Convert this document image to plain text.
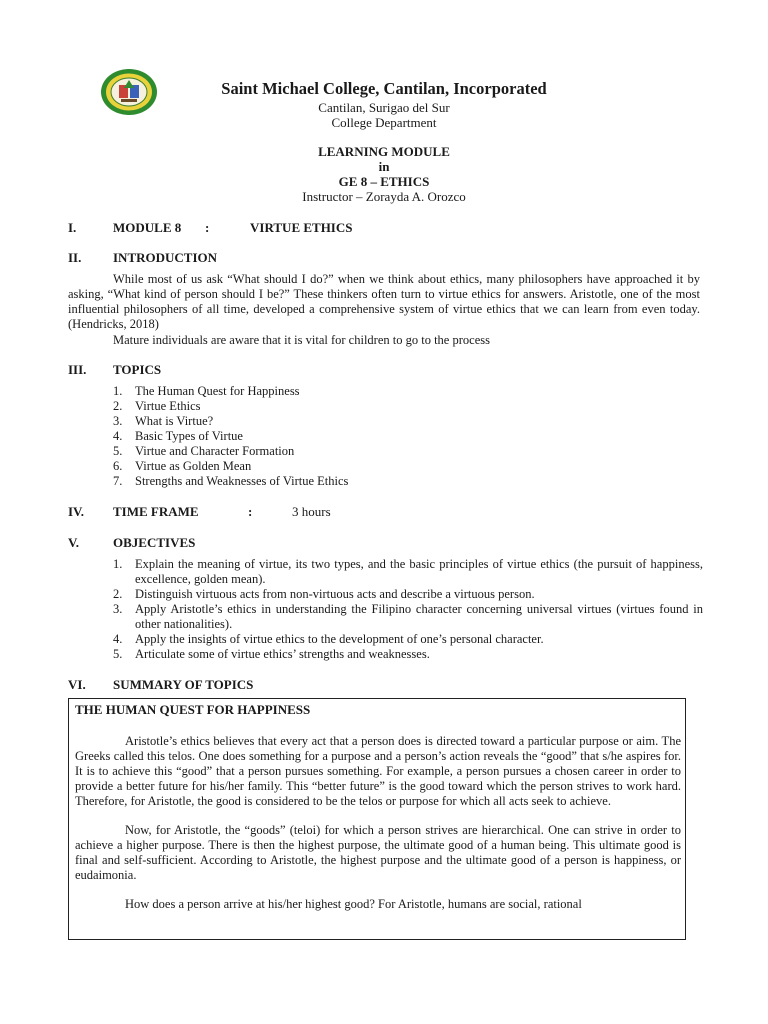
Saint Michael College, Cantilan, Incorporated
Cantilan, Surigao del Sur
College Department
LEARNING MODULE
in
GE 8 – ETHICS
Instructor – Zorayda A. Orozco
I.	MODULE 8 :	VIRTUE ETHICS
II. INTRODUCTION
While most of us ask “What should I do?” when we think about ethics, many philosophers have approached it by asking, “What kind of person should I be?” These thinkers often turn to virtue ethics for answers. Aristotle, one of the most influential philosophers of all time, developed a comprehensive system of virtue ethics that we can learn from even today. (Hendricks, 2018)
Mature individuals are aware that it is vital for children to go to the process
III. TOPICS
1. The Human Quest for Happiness
2. Virtue Ethics
3. What is Virtue?
4. Basic Types of Virtue
5. Virtue and Character Formation
6. Virtue as Golden Mean
7. Strengths and Weaknesses of Virtue Ethics
IV. TIME FRAME	:	3 hours
V.	OBJECTIVES
1. Explain the meaning of virtue, its two types, and the basic principles of virtue ethics (the pursuit of happiness, excellence, golden mean).
2. Distinguish virtuous acts from non-virtuous acts and describe a virtuous person.
3. Apply Aristotle’s ethics in understanding the Filipino character concerning universal virtues (virtues found in other nationalities).
4. Apply the insights of virtue ethics to the development of one’s personal character.
5. Articulate some of virtue ethics’ strengths and weaknesses.
VI. SUMMARY OF TOPICS
THE HUMAN QUEST FOR HAPPINESS

Aristotle’s ethics believes that every act that a person does is directed toward a particular purpose or aim. The Greeks called this telos. One does something for a purpose and a person’s action reveals the “good” that s/he aspires for. It is to achieve this “good” that a person pursues something. For example, a person pursues a chosen career in order to provide a better future for his/her family. This “better future” is the good toward which the person strives to work hard. Therefore, for Aristotle, the good is considered to be the telos or purpose for which all acts seek to achieve.

Now, for Aristotle, the “goods” (teloi) for which a person strives are hierarchical. One can strive in order to achieve a higher purpose. There is then the highest purpose, the ultimate good of a human being. This ultimate good is final and self-sufficient. According to Aristotle, the highest purpose and the ultimate good of a person is happiness, or eudaimonia.

How does a person arrive at his/her highest good? For Aristotle, humans are social, rational
